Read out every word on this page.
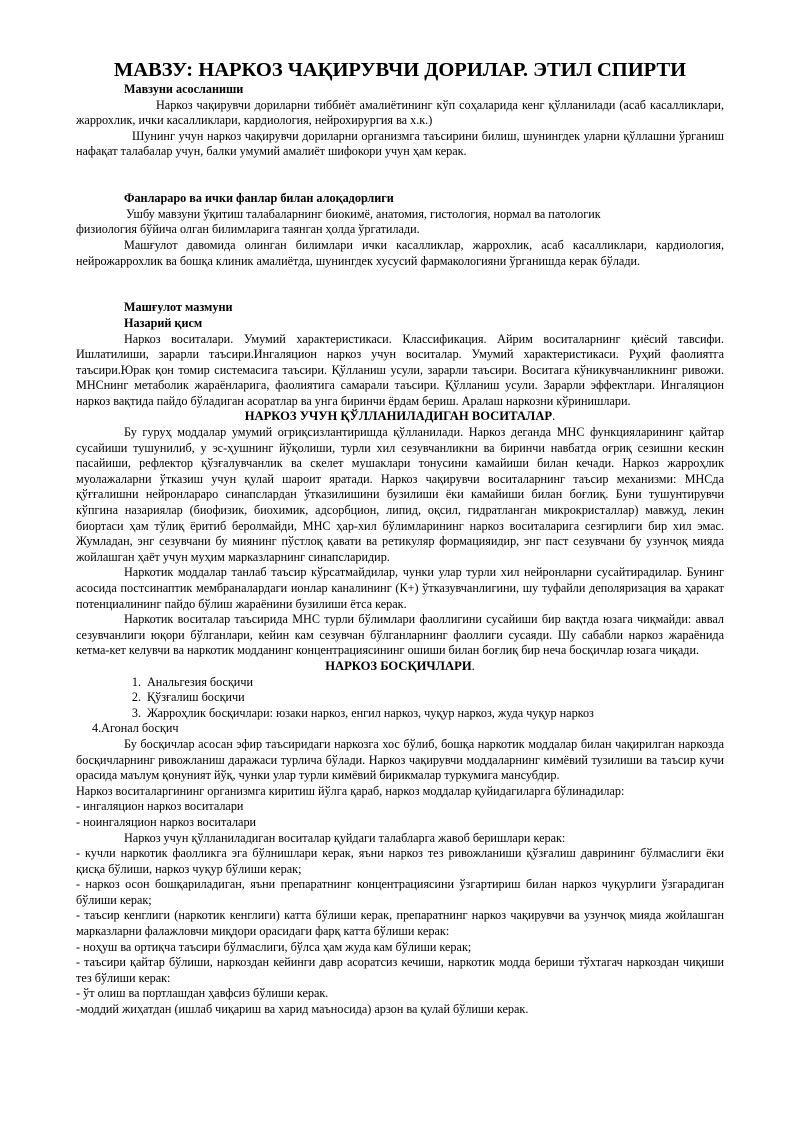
МАВЗУ: НАРКОЗ ЧАҚИРУВЧИ ДОРИЛАР. ЭТИЛ СПИРТИ
Мавзуни асосланиши

Наркоз чақирувчи дориларни тиббиёт амалиётининг кўп соҳаларида кенг қўлланилади (асаб касалликлари, жаррохлик, ички касалликлари, кардиология, нейрохирургия ва х.к.)

Шунинг учун наркоз чақирувчи дориларни организмга таъсирини билиш, шунингдек уларни қўллашни ўрганиш нафақат талабалар учун, балки умумий амалиёт шифокори учун ҳам керак.

Фанлараро ва ички фанлар билан алоқадорлиги

Ушбу мавзуни ўқитиш талабаларнинг биокимё, анатомия, гистология, нормал ва патологик

физиология бўйича олган билимларига таянган ҳолда ўргатилади.

Машғулот давомида олинган билимлари ички касалликлар, жаррохлик, асаб касалликлари, кардиология, нейрожаррохлик ва бошқа клиник амалиётда, шунингдек хусусий фармакологияни ўрганишда керак бўлади.

Машғулот мазмуни
Назарий қисм

Наркоз воситалари. Умумий характеристикаси. Классификация. Айрим воситаларнинг қиёсий тавсифи. Ишлатилиши, зарарли таъсири.Ингаляцион наркоз учун воситалар. Умумий характеристикаси. Руҳий фаолиятга таъсири.Юрак қон томир системасига таъсири. Қўлланиш усули, зарарли таъсири. Воситага кўникувчанликнинг ривожи. МНСнинг метаболик жараёнларига, фаолиятига самарали таъсири. Қўлланиш усули. Зарарли эффектлари. Ингаляцион наркоз вақтида пайдо бўладиган асоратлар ва унга биринчи ёрдам бериш. Аралаш наркозни кўринишлари.

НАРКОЗ УЧУН ҚЎЛЛАНИЛАДИГАН ВОСИТАЛАР.

Бу гуруҳ моддалар умумий огриқсизлантиришда қўлланилади. Наркоз деганда МНС функцияларининг қайтар сусайиши тушунилиб, у эс-ҳушнинг йўқолиши, турли хил сезувчанликни ва биринчи навбатда оғриқ сезишни кескин пасайиши, рефлектор қўзғалувчанлик ва скелет мушаклари тонусини камайиши билан кечади. Наркоз жарроҳлик муолажаларни ўтказиш учун қулай шароит яратади. Наркоз чақирувчи воситаларнинг таъсир механизми: МНСда қўғғалишни нейронлараро синапслардан ўтказилишини бузилиши ёки камайиши билан боғлиқ. Буни тушунтирувчи кўпгина назариялар (биофизик, биохимик, адсорбцион, липид, оқсил, гидратланган микрокристаллар) мавжуд, лекин биортаси ҳам тўлиқ ёритиб беролмайди, МНС ҳар-хил бўлимларининг наркоз воситаларига сезгирлиги бир хил эмас. Жумладан, энг сезувчани бу миянинг пўстлоқ қавати ва ретикуляр формацияидир, энг паст сезувчани бу узунчоқ мияда жойлашган ҳаёт учун муҳим марказларнинг синапсларидир.

Наркотик моддалар танлаб таъсир кўрсатмайдилар, чунки улар турли хил нейронларни сусайтирадилар. Бунинг асосида постсинаптик мембраналардаги ионлар каналининг (К+) ўтказувчанлигини, шу туфайли деполяризация ва ҳаракат потенциалининг пайдо бўлиш жараёнини бузилиши ётса керак.

Наркотик воситалар таъсирида МНС турли бўлимлари фаоллигини сусайиши бир вақтда юзага чиқмайди: аввал сезувчанлиги юқори бўлганлари, кейин кам сезувчан бўлганларнинг фаоллиги сусаяди. Шу сабабли наркоз жараёнида кетма-кет келувчи ва наркотик модданинг концентрациясининг ошиши билан боғлиқ бир неча босқичлар юзага чиқади.

НАРКОЗ БОСҚИЧЛАРИ.
1. Анальгезия босқичи
2. Қўзғалиш босқичи
3. Жарроҳлик босқичлари: юзаки наркоз, енгил наркоз, чуқур наркоз, жуда чуқур наркоз
4.Агонал босқич

Бу босқичлар асосан эфир таъсиридаги наркозга хос бўлиб, бошқа наркотик моддалар билан чақирилган наркозда босқичларнинг ривожланиш даражаси турлича бўлади. Наркоз чақирувчи моддаларнинг кимёвий тузилиши ва таъсир кучи орасида маълум қонуният йўқ, чунки улар турли кимёвий бирикмалар туркумига мансубдир.

Наркоз воситаларгининг организмга киритиш йўлга қараб, наркоз моддалар қуйидагиларга бўлинадилар:

- ингаляцион наркоз воситалари

- ноингаляцион наркоз воситалари

Наркоз учун қўлланиладиган воситалар қуйдаги талабларга жавоб беришлари керак:

- кучли наркотик фаолликга эга бўлнишлари керак, яъни наркоз тез ривожланиши қўзғалиш даврининг бўлмаслиги ёки қисқа бўлиши, наркоз чуқур бўлиши керак;

- наркоз осон бошқариладиган, яъни препаратнинг концентрациясини ўзгартириш билан наркоз чуқурлиги ўзгарадиган бўлиши керак;

- таъсир кенглиги (наркотик кенглиги) катта бўлиши керак, препаратнинг наркоз чақирувчи ва узунчоқ мияда жойлашган марказларни фалажловчи миқдори орасидаги фарқ катта бўлиши керак:

- ноҳуш ва ортиқча таъсири бўлмаслиги, бўлса ҳам жуда кам бўлиши керак;

- таъсири қайтар бўлиши, наркоздан кейинги давр асоратсиз кечиши, наркотик модда бериши тўхтагач наркоздан чиқиши тез бўлиши керак:

- ўт олиш ва портлашдан ҳавфсиз бўлиши керак.

-моддий жиҳатдан (ишлаб чиқариш ва харид маъносида) арзон ва қулай бўлиши керак.
